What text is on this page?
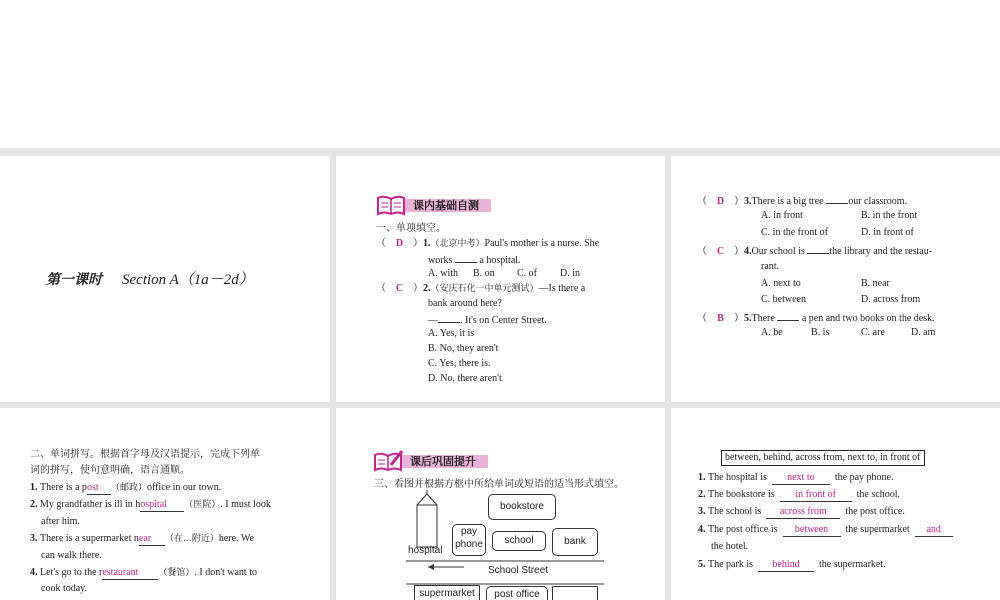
第一课时 Section A（1a－2d）
课内基础自测
一、单项填空。
（ D ）1.（北京中考）Paul's mother is a nurse. She
works	a hospital.
A. with B. on C. of D. in
（ C ）2.（安庆石化一中单元测试）—Is there a
bank around here?
— . It's on Center Street.
A. Yes, it is
B. No, they aren't
C. Yes, there is.
D. No, there aren't
（ D ）3.There is a big tree our classroom.
A. in front	B. in the front
C. in the front of	D. in front of
（ C ）4.Our school is the library and the restau-
rant.
A. next to	B. near
C. between	D. across from
（ B ）5.There	a pen and two books on the desk.
A. be	B. is	C. are	D. am
二、单词拼写。根据首字母及汉语提示，完成下列单
词的拼写，使句意明确，语言通顺。
1. There is a post （邮政）office in our town.
2. My grandfather is ill in hospital （医院）. I must look
after him.
3. There is a supermarket near （在…附近）here. We
can walk there.
4. Let's go to the restaurant （餐馆）. I don't want to
cook today.
课后巩固提升
三、看图并根据方框中所给单词或短语的适当形式填空。
hospital
pay
phone
bookstore
school	bank
School Street
supermarket	post office
between, behind, across from, next to, in front of
1. The hospital is next to the pay phone.
2. The bookstore is in front of the school.
3. The school is across from the post office.
4. The post office is between the supermarket and
the hotel.
5. The park is behind the supermarket.
